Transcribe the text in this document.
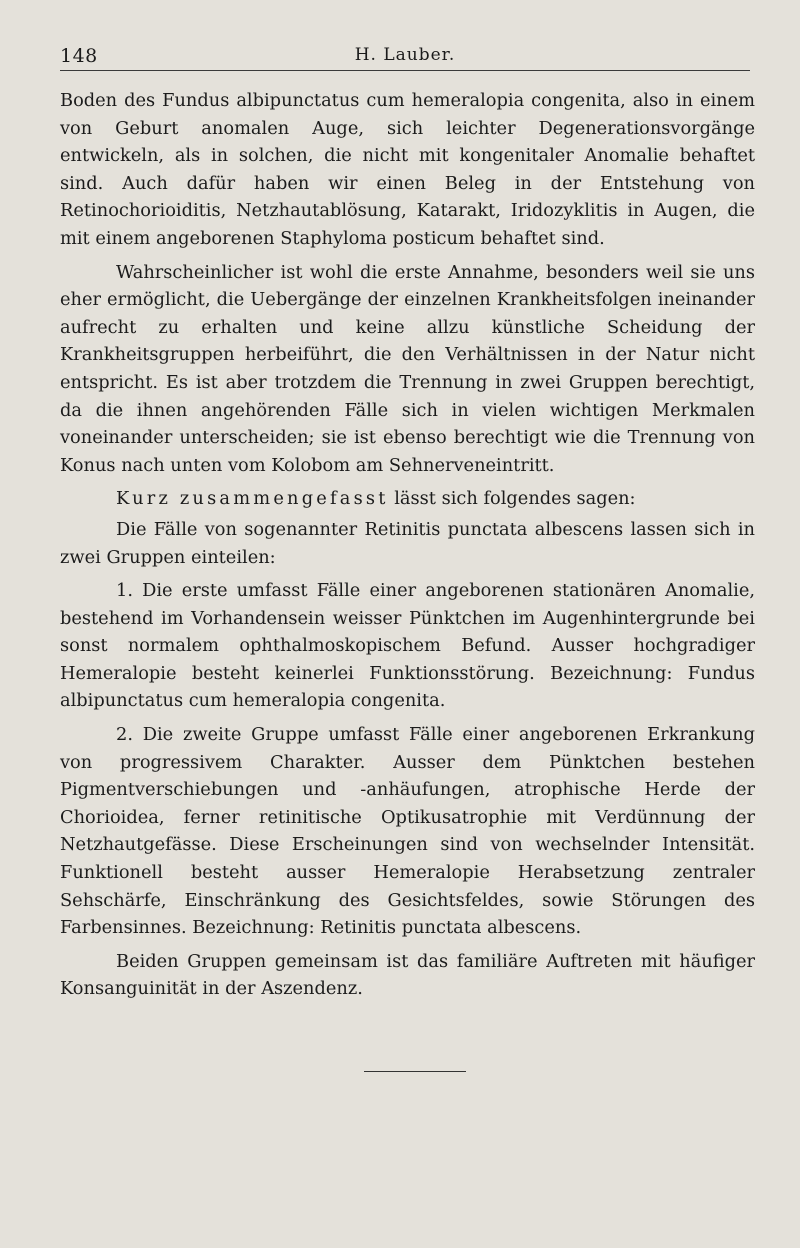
148	H. Lauber.

Boden des Fundus albipunctatus cum hemeralopia congenita, also in einem von Geburt anomalen Auge, sich leichter Degenerationsvorgänge entwickeln, als in solchen, die nicht mit kongenitaler Anomalie behaftet sind. Auch dafür haben wir einen Beleg in der Entstehung von Retinochorioiditis, Netzhautablösung, Katarakt, Iridozyklitis in Augen, die mit einem angeborenen Staphyloma posticum behaftet sind.

Wahrscheinlicher ist wohl die erste Annahme, besonders weil sie uns eher ermöglicht, die Uebergänge der einzelnen Krankheitsfolgen ineinander aufrecht zu erhalten und keine allzu künstliche Scheidung der Krankheitsgruppen herbeiführt, die den Verhältnissen in der Natur nicht entspricht. Es ist aber trotzdem die Trennung in zwei Gruppen berechtigt, da die ihnen angehörenden Fälle sich in vielen wichtigen Merkmalen voneinander unterscheiden; sie ist ebenso berechtigt wie die Trennung von Konus nach unten vom Kolobom am Sehnerveneintritt.

Kurz zusammengefasst lässt sich folgendes sagen:

Die Fälle von sogenannter Retinitis punctata albescens lassen sich in zwei Gruppen einteilen:

1. Die erste umfasst Fälle einer angeborenen stationären Anomalie, bestehend im Vorhandensein weisser Pünktchen im Augenhintergrunde bei sonst normalem ophthalmoskopischem Befund. Ausser hochgradiger Hemeralopie besteht keinerlei Funktionsstörung. Bezeichnung: Fundus albipunctatus cum hemeralopia congenita.

2. Die zweite Gruppe umfasst Fälle einer angeborenen Erkrankung von progressivem Charakter. Ausser dem Pünktchen bestehen Pigmentverschiebungen und -anhäufungen, atrophische Herde der Chorioidea, ferner retinitische Optikusatrophie mit Verdünnung der Netzhautgefässe. Diese Erscheinungen sind von wechselnder Intensität. Funktionell besteht ausser Hemeralopie Herabsetzung zentraler Sehschärfe, Einschränkung des Gesichtsfeldes, sowie Störungen des Farbensinnes. Bezeichnung: Retinitis punctata albescens.

Beiden Gruppen gemeinsam ist das familiäre Auftreten mit häufiger Konsanguinität in der Aszendenz.
